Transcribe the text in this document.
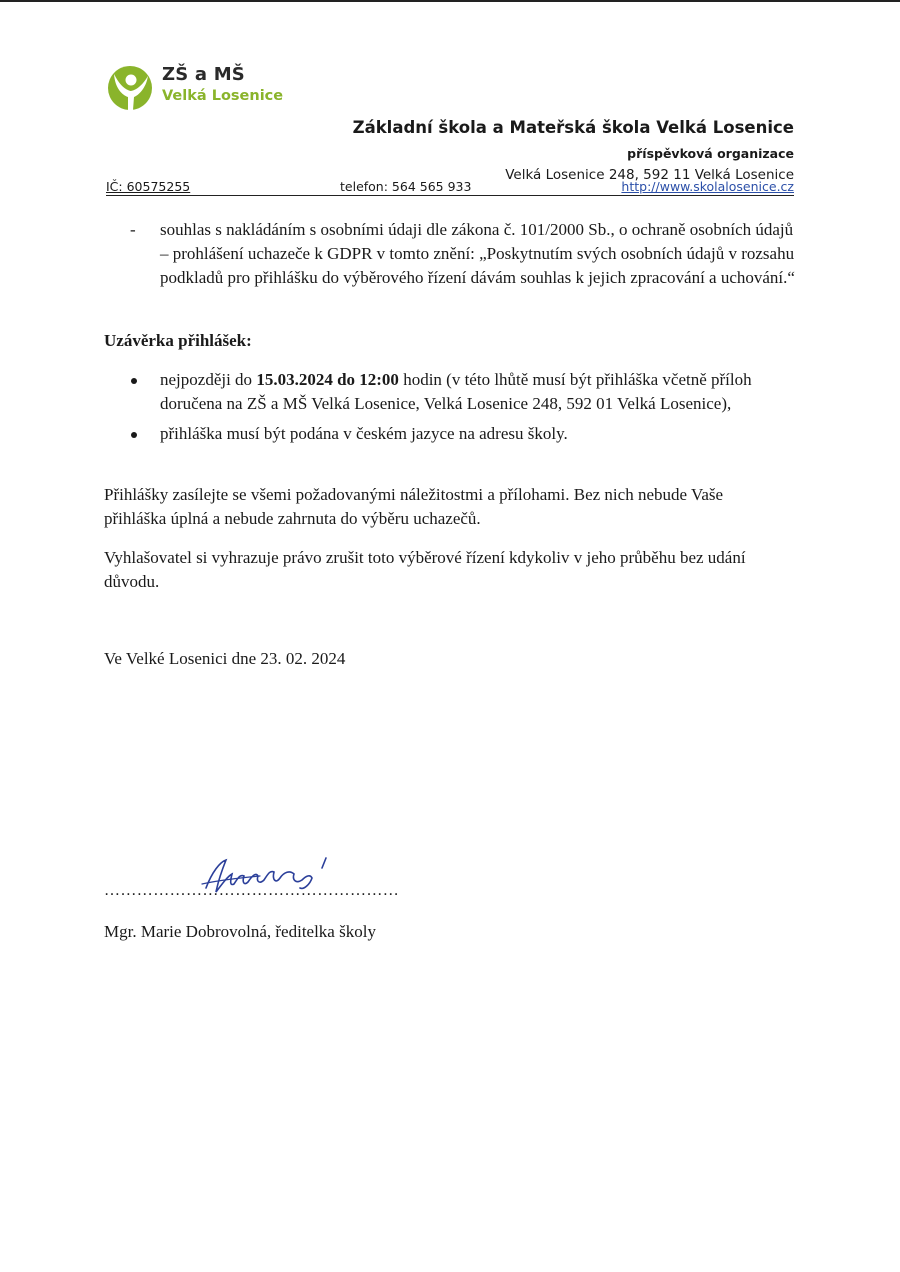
ZŠ a MŠ
Velká Losenice
Základní škola a Mateřská škola Velká Losenice
příspěvková organizace
Velká Losenice 248, 592 11 Velká Losenice
IČ: 60575255	telefon: 564 565 933	http://www.skolalosenice.cz
- souhlas s nakládáním s osobními údaji dle zákona č. 101/2000 Sb., o ochraně osobních údajů – prohlášení uchazeče k GDPR v tomto znění: „Poskytnutím svých osobních údajů v rozsahu podkladů pro přihlášku do výběrového řízení dávám souhlas k jejich zpracování a uchování.“
Uzávěrka přihlášek:
nejpozději do 15.03.2024 do 12:00 hodin (v této lhůtě musí být přihláška včetně příloh doručena na ZŠ a MŠ Velká Losenice, Velká Losenice 248, 592 01 Velká Losenice),
přihláška musí být podána v českém jazyce na adresu školy.
Přihlášky zasílejte se všemi požadovanými náležitostmi a přílohami. Bez nich nebude Vaše přihláška úplná a nebude zahrnuta do výběru uchazečů.
Vyhlašovatel si vyhrazuje právo zrušit toto výběrové řízení kdykoliv v jeho průběhu bez udání důvodu.
Ve Velké Losenici dne 23. 02. 2024
………………………………………………
Mgr. Marie Dobrovolná, ředitelka školy
